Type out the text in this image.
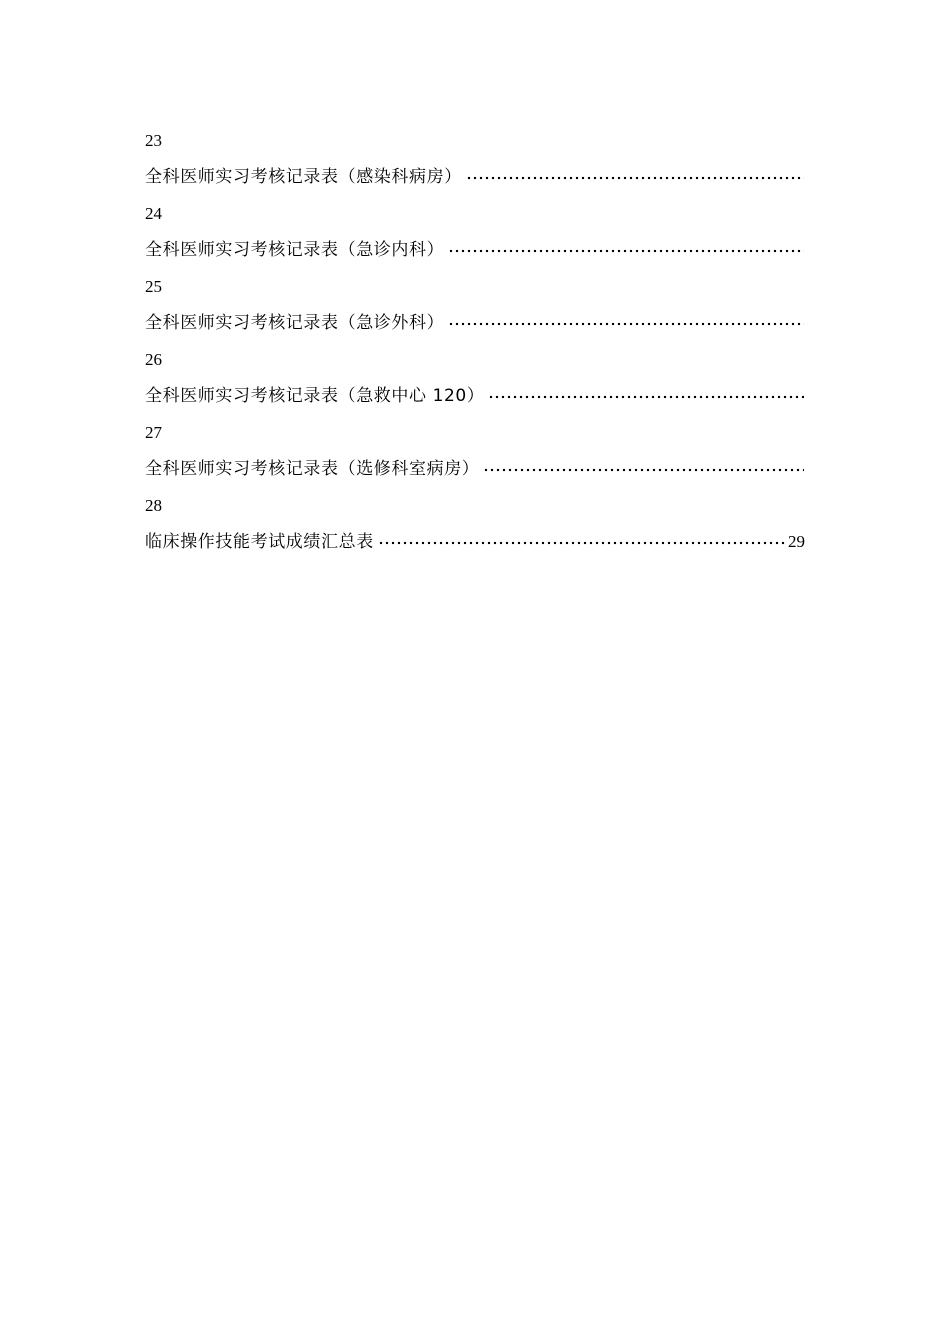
23
全科医师实习考核记录表（感染科病房）
24
全科医师实习考核记录表（急诊内科）
25
全科医师实习考核记录表（急诊外科）
26
全科医师实习考核记录表（急救中心 120）
27
全科医师实习考核记录表（选修科室病房）
28
临床操作技能考试成绩汇总表	29
